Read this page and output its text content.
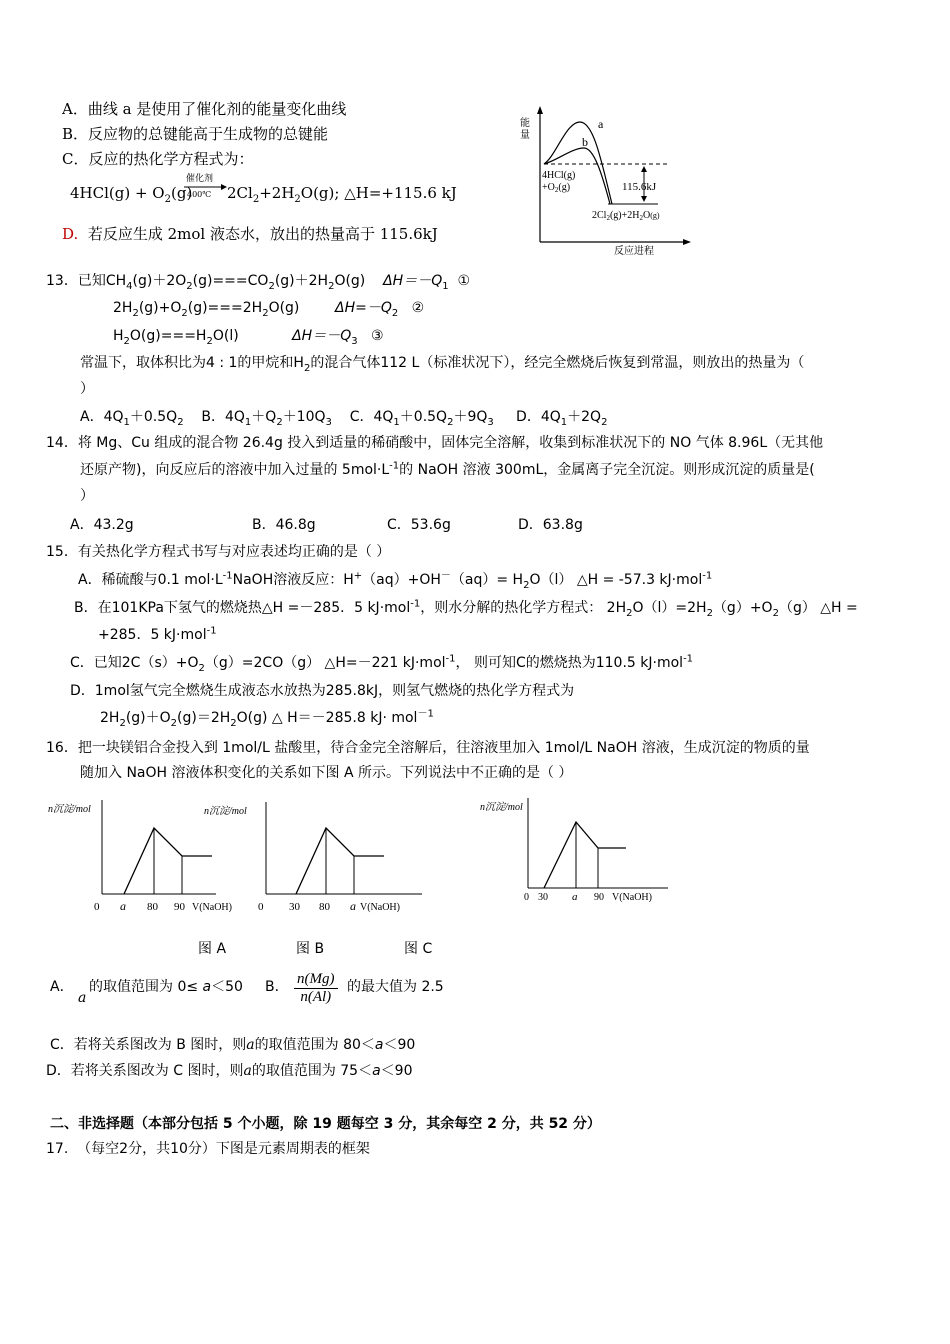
A．曲线 a 是使用了催化剂的能量变化曲线
B．反应物的总键能高于生成物的总键能
C．反应的热化学方程式为：
$4HCl(g) + O_2(g)$
催化剂
400℃ $2Cl_2+2H_2O(g)$; △H=+115.6 kJ
D. 若反应生成 2mol 液态水，放出的热量高于 115.6kJ
能
量
a
b
115.6kJ
4HCl(g)
$+O_2(g)$
$2Cl_2(g)+2H_2O(g)$
反应进程
13．已知$CH_4(g)+2O_2(g)===CO_2(g)+2H_2O(g)$ $\Delta H=-Q_1$ ①
$2H_2(g)+O_2(g)===2H_2O(g)$	$\Delta H=-Q_2$ ②
$H_2O(g)===H_2O(l)$	$\Delta H=-Q_3$ ③
常温下，取体积比为4 : 1的甲烷和$H_2$的混合气体112 L（标准状况下），经完全燃烧后恢复到常温，则放出的热量为（
）
A．$4Q_1+0.5Q_2$ B．$4Q_1+Q_2+10Q_3$ C．$4Q_1+0.5Q_2+9Q_3$ D．$4Q_1+2Q_2$
14．将 Mg、Cu 组成的混合物 26.4g 投入到适量的稀硝酸中，固体完全溶解，收集到标准状况下的 NO 气体 8.96L（无其他
还原产物)，向反应后的溶液中加入过量的 $5mol\cdot L^{-1}$的 NaOH 溶液 300mL，金属离子完全沉淀。则形成沉淀的质量是(
）
A．43.2g	B．46.8g	C．53.6g	D．63.8g
15．有关热化学方程式书写与对应表述均正确的是（ ）
A．稀硫酸与0.1 $mol\cdot L^{-1}NaOH$溶液反应：$H^+(aq)+OH^-(aq)= H_2O(l)$ △H = -57.3 kJ·mol$^{-1}$
B．在101KPa下氢气的燃烧热△H =－285．5 kJ·mol$^{-1}$，则水分解的热化学方程式： $2H_2O(l)=2H_2(g)+O_2(g)$ △H =
+285．5 kJ·mol$^{-1}$
C．已知$2C(s)+O_2(g)=2CO(g)$ △H=－221 kJ·mol$^{-1}$， 则可知C的燃烧热为110.5 kJ·mol$^{-1}$
D．1mol氢气完全燃烧生成液态水放热为285.8kJ，则氢气燃烧的热化学方程式为
$2H_2(g)+O_2(g)=2H_2O(g)$ △ H＝－285.8 kJ· mol$^{-1}$
16．把一块镁铝合金投入到 1mol/L 盐酸里，待合金完全溶解后，往溶液里加入 1mol/L NaOH 溶液，生成沉淀的物质的量
随加入 NaOH 溶液体积变化的关系如下图 A 所示。下列说法中不正确的是（ ）
n沉淀/mol
0 a 80 90 V(NaOH)
n沉淀/mol
0 30 80 a V(NaOH)
n沉淀/mol
0 30 a 90 V(NaOH)
图 A	图 B	图 C
A．
a
的取值范围为 0≤ a＜50 B． $\frac{n(Mg)}{n(Al)}$ 的最大值为 2.5
C．若将关系图改为 B 图时，则a的取值范围为 80＜a＜90
D．若将关系图改为 C 图时，则a的取值范围为 75＜a＜90
二、非选择题（本部分包括 5 个小题，除 19 题每空 3 分，其余每空 2 分，共 52 分）
17. （每空2分，共10分）下图是元素周期表的框架
